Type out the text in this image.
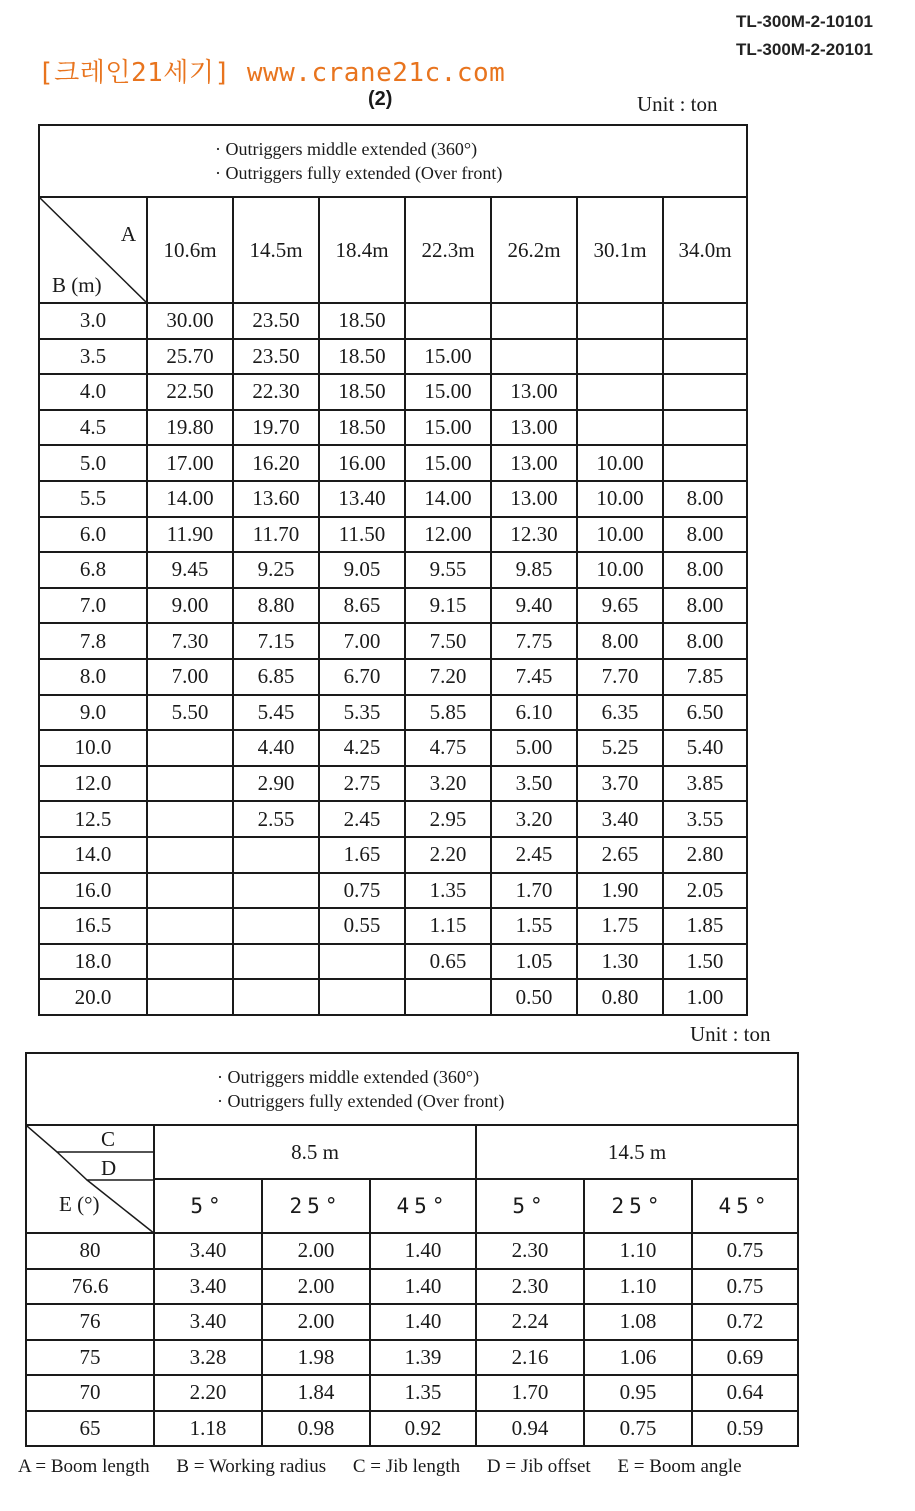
TL-300M-2-10101
TL-300M-2-20101
[크레인21세기] www.crane21c.com
(2)	Unit : ton
· Outriggers middle extended (360°)
· Outriggers fully extended (Over front)							

A
B (m)	10.6m	14.5m	18.4m	22.3m	26.2m	30.1m	34.0m
3.0	30.00	23.50	18.50				
3.5	25.70	23.50	18.50	15.00			
4.0	22.50	22.30	18.50	15.00	13.00		
4.5	19.80	19.70	18.50	15.00	13.00		
5.0	17.00	16.20	16.00	15.00	13.00	10.00	
5.5	14.00	13.60	13.40	14.00	13.00	10.00	8.00
6.0	11.90	11.70	11.50	12.00	12.30	10.00	8.00
6.8	9.45	9.25	9.05	9.55	9.85	10.00	8.00
7.0	9.00	8.80	8.65	9.15	9.40	9.65	8.00
7.8	7.30	7.15	7.00	7.50	7.75	8.00	8.00
8.0	7.00	6.85	6.70	7.20	7.45	7.70	7.85
9.0	5.50	5.45	5.35	5.85	6.10	6.35	6.50
10.0		4.40	4.25	4.75	5.00	5.25	5.40
12.0		2.90	2.75	3.20	3.50	3.70	3.85
12.5		2.55	2.45	2.95	3.20	3.40	3.55
14.0			1.65	2.20	2.45	2.65	2.80
16.0			0.75	1.35	1.70	1.90	2.05
16.5			0.55	1.15	1.55	1.75	1.85
18.0				0.65	1.05	1.30	1.50
20.0					0.50	0.80	1.00
Unit : ton
· Outriggers middle extended (360°)
· Outriggers fully extended (Over front)						

C
D
E (°)	8.5 m			14.5 m		
	5°	25°	45°	5°	25°	45°
80	3.40	2.00	1.40	2.30	1.10	0.75
76.6	3.40	2.00	1.40	2.30	1.10	0.75
76	3.40	2.00	1.40	2.24	1.08	0.72
75	3.28	1.98	1.39	2.16	1.06	0.69
70	2.20	1.84	1.35	1.70	0.95	0.64
65	1.18	0.98	0.92	0.94	0.75	0.59
A = Boom length B = Working radius C = Jib length D = Jib offset E = Boom angle
